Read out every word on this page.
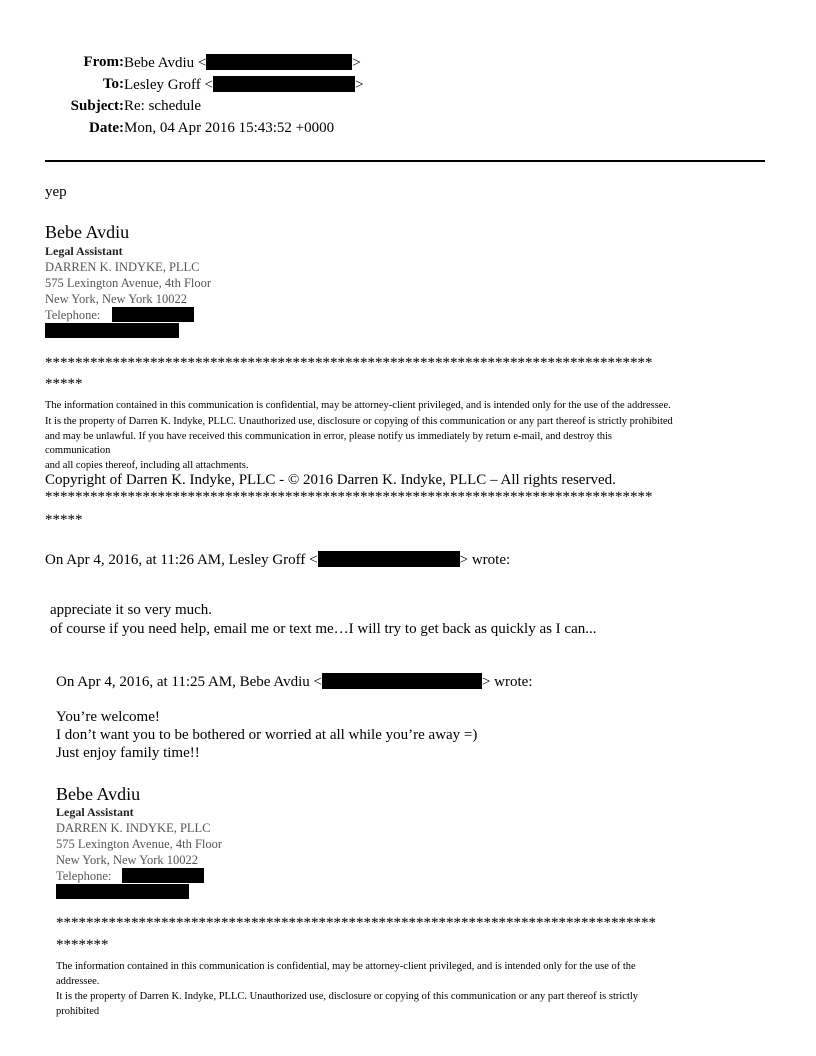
From: Bebe Avdiu <	>
To: Lesley Groff <	>
Subject: Re: schedule
Date: Mon, 04 Apr 2016 15:43:52 +0000
yep
Bebe Avdiu
Legal Assistant
DARREN K. INDYKE, PLLC
575 Lexington Avenue, 4th Floor
New York, New York 10022
Telephone:
*********************************************************************************
*****
The information contained in this communication is confidential, may be attorney-client privileged, and is intended only for the use of the addressee.
It is the property of Darren K. Indyke, PLLC. Unauthorized use, disclosure or copying of this communication or any part thereof is strictly prohibited
and may be unlawful. If you have received this communication in error, please notify us immediately by return e-mail, and destroy this
communication
and all copies thereof, including all attachments.
Copyright of Darren K. Indyke, PLLC - © 2016 Darren K. Indyke, PLLC – All rights reserved.
*********************************************************************************
*****
On Apr 4, 2016, at 11:26 AM, Lesley Groff <	> wrote:
appreciate it so very much.
of course if you need help, email me or text me…I will try to get back as quickly as I can...
On Apr 4, 2016, at 11:25 AM, Bebe Avdiu <	> wrote:
You’re welcome!
I don’t want you to be bothered or worried at all while you’re away =)
Just enjoy family time!!
Bebe Avdiu
Legal Assistant
DARREN K. INDYKE, PLLC
575 Lexington Avenue, 4th Floor
New York, New York 10022
Telephone:
********************************************************************************
*******
The information contained in this communication is confidential, may be attorney-client privileged, and is intended only for the use of the
addressee.
It is the property of Darren K. Indyke, PLLC. Unauthorized use, disclosure or copying of this communication or any part thereof is strictly
prohibited
